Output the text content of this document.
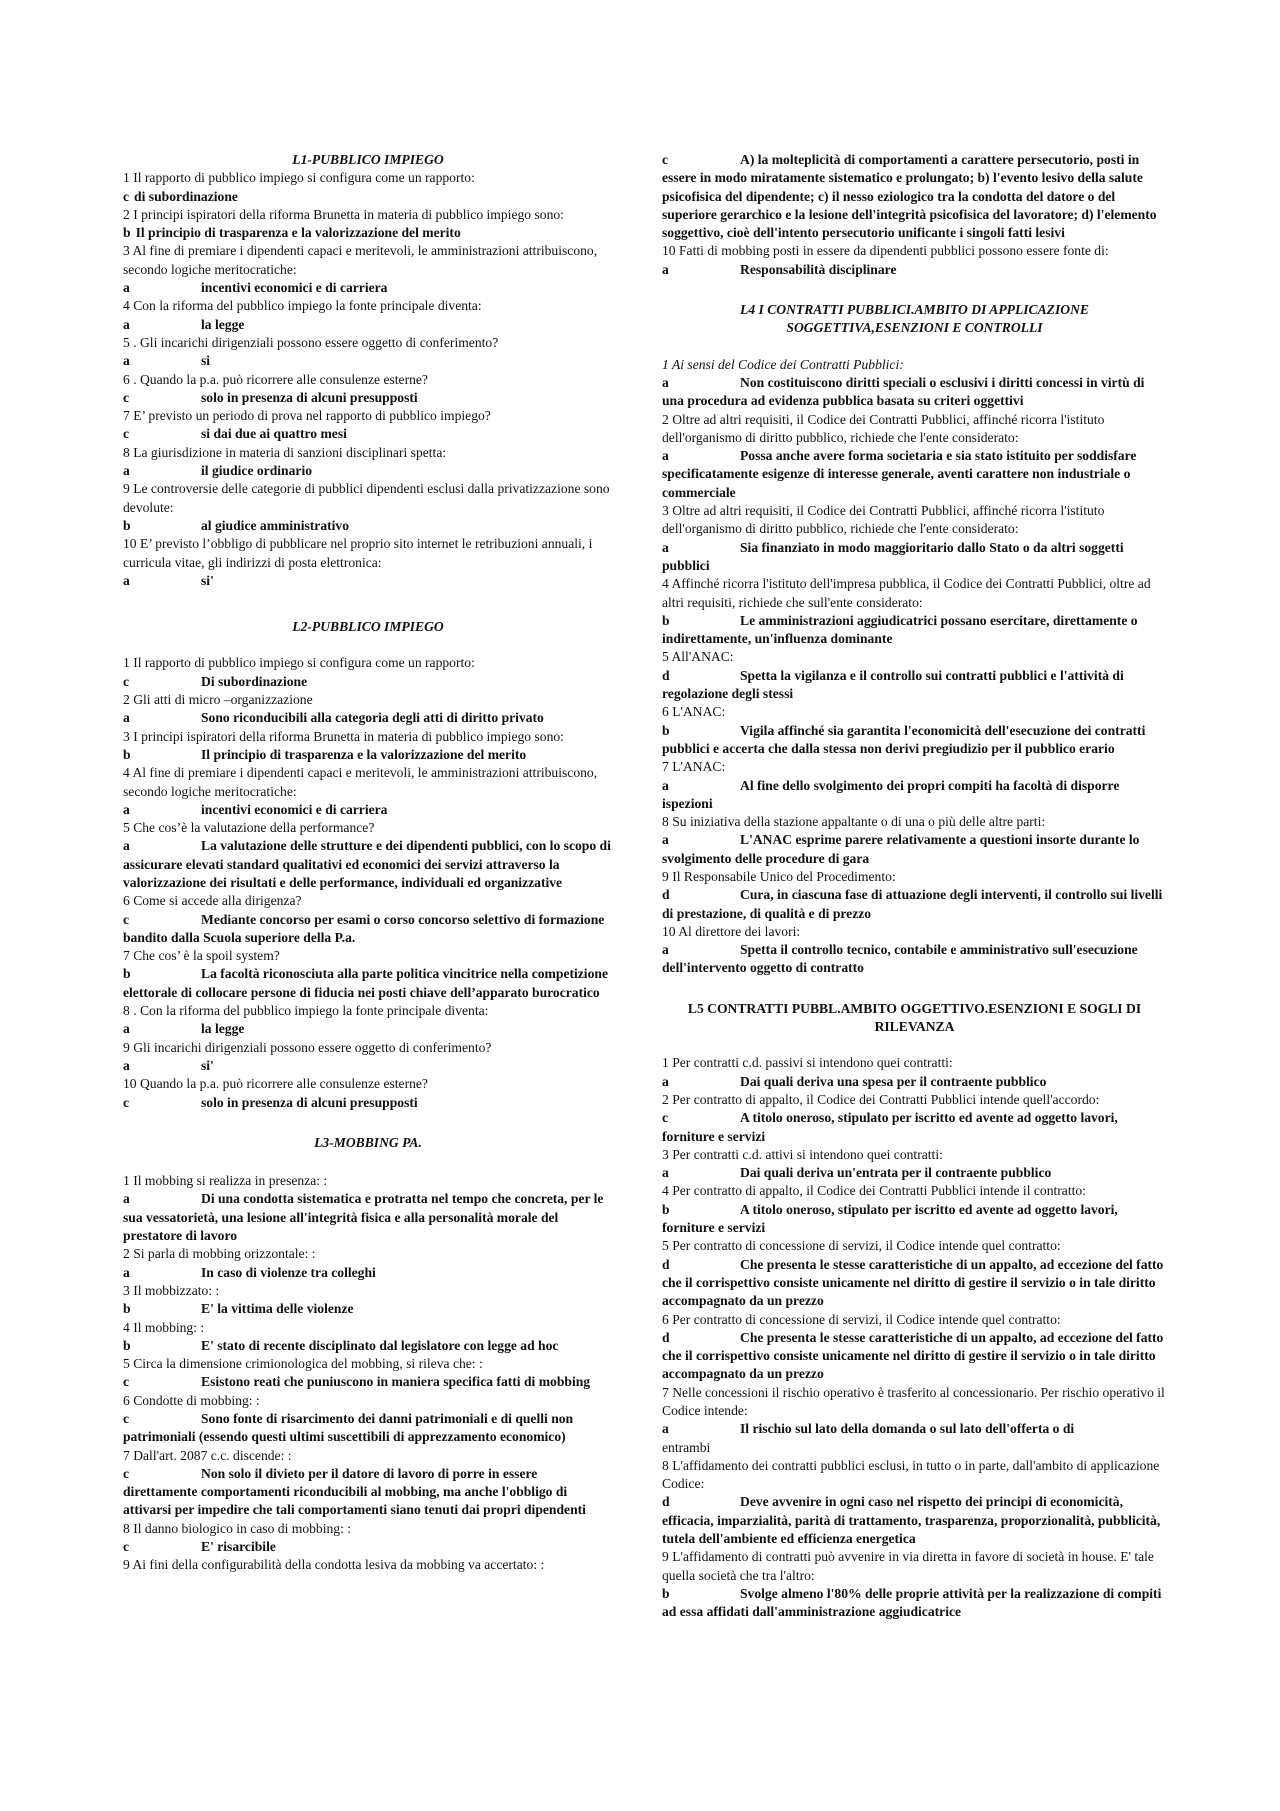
L1-PUBBLICO IMPIEGO
1 Il rapporto di pubblico impiego si configura come un rapporto:
c di subordinazione
2 I principi ispiratori della riforma Brunetta in materia di pubblico impiego sono:
b Il principio di trasparenza e la valorizzazione del merito
3 Al fine di premiare i dipendenti capaci e meritevoli, le amministrazioni attribuiscono, secondo logiche meritocratiche:
a	incentivi economici e di carriera
4 Con la riforma del pubblico impiego la fonte principale diventa:
a	la legge
5 . Gli incarichi dirigenziali possono essere oggetto di conferimento?
a	si
6 . Quando la p.a. può ricorrere alle consulenze esterne?
c	solo in presenza di alcuni presupposti
7 E’ previsto un periodo di prova nel rapporto di pubblico impiego?
c	si dai due ai quattro mesi
8 La giurisdizione in materia di sanzioni disciplinari spetta:
a	il giudice ordinario
9 Le controversie delle categorie di pubblici dipendenti esclusi dalla privatizzazione sono devolute:
b	al giudice amministrativo
10 E’ previsto l’obbligo di pubblicare nel proprio sito internet le retribuzioni annuali, i curricula vitae, gli indirizzi di posta elettronica:
a	si'
L2-PUBBLICO IMPIEGO
1 Il rapporto di pubblico impiego si configura come un rapporto:
c	Di subordinazione
2 Gli atti di micro –organizzazione
a	Sono riconducibili alla categoria degli atti di diritto privato
3 I principi ispiratori della riforma Brunetta in materia di pubblico impiego sono:
b	Il principio di trasparenza e la valorizzazione del merito
4 Al fine di premiare i dipendenti capaci e meritevoli, le amministrazioni attribuiscono, secondo logiche meritocratiche:
a	incentivi economici e di carriera
5 Che cos’è la valutazione della performance?
a	La valutazione delle strutture e dei dipendenti pubblici, con lo scopo di assicurare elevati standard qualitativi ed economici dei servizi attraverso la valorizzazione dei risultati e delle performance, individuali ed organizzative
6 Come si accede alla dirigenza?
c	Mediante concorso per esami o corso concorso selettivo di formazione bandito dalla Scuola superiore della P.a.
7 Che cos’ è la spoil system?
b	La facoltà riconosciuta alla parte politica vincitrice nella competizione elettorale di collocare persone di fiducia nei posti chiave dell’apparato burocratico
8 . Con la riforma del pubblico impiego la fonte principale diventa:
a	la legge
9 Gli incarichi dirigenziali possono essere oggetto di conferimento?
a	si'
10 Quando la p.a. può ricorrere alle consulenze esterne?
c	solo in presenza di alcuni presupposti
L3-MOBBING PA.
1 Il mobbing si realizza in presenza: :
a	Di una condotta sistematica e protratta nel tempo che concreta, per le sua vessatorietà, una lesione all'integrità fisica e alla personalità morale del prestatore di lavoro
2 Si parla di mobbing orizzontale: :
a	In caso di violenze tra colleghi
3 Il mobbizzato: :
b	E' la vittima delle violenze
4 Il mobbing: :
b	E' stato di recente disciplinato dal legislatore con legge ad hoc
5 Circa la dimensione crimionologica del mobbing, si rileva che: :
c	Esistono reati che puniuscono in maniera specifica fatti di mobbing
6 Condotte di mobbing: :
c	Sono fonte di risarcimento dei danni patrimoniali e di quelli non patrimoniali (essendo questi ultimi suscettibili di apprezzamento economico)
7 Dall'art. 2087 c.c. discende: :
c	Non solo il divieto per il datore di lavoro di porre in essere direttamente comportamenti riconducibili al mobbing, ma anche l'obbligo di attivarsi per impedire che tali comportamenti siano tenuti dai propri dipendenti
8 Il danno biologico in caso di mobbing: :
c	E' risarcibile
9 Ai fini della configurabilità della condotta lesiva da mobbing va accertato: :
c	A) la molteplicità di comportamenti a carattere persecutorio, posti in essere in modo miratamente sistematico e prolungato; b) l'evento lesivo della salute psicofisica del dipendente; c) il nesso eziologico tra la condotta del datore o del superiore gerarchico e la lesione dell'integrità psicofisica del lavoratore; d) l'elemento soggettivo, cioè dell'intento persecutorio unificante i singoli fatti lesivi
10 Fatti di mobbing posti in essere da dipendenti pubblici possono essere fonte di:
a	Responsabilità disciplinare
L4 I CONTRATTI PUBBLICI.AMBITO DI APPLICAZIONE SOGGETTIVA,ESENZIONI E CONTROLLI
1 Ai sensi del Codice dei Contratti Pubblici:
a	Non costituiscono diritti speciali o esclusivi i diritti concessi in virtù di una procedura ad evidenza pubblica basata su criteri oggettivi
2 Oltre ad altri requisiti, il Codice dei Contratti Pubblici, affinché ricorra l'istituto dell'organismo di diritto pubblico, richiede che l'ente considerato:
a	Possa anche avere forma societaria e sia stato istituito per soddisfare specificatamente esigenze di interesse generale, aventi carattere non industriale o commerciale
3 Oltre ad altri requisiti, il Codice dei Contratti Pubblici, affinché ricorra l'istituto dell'organismo di diritto pubblico, richiede che l'ente considerato:
a	Sia finanziato in modo maggioritario dallo Stato o da altri soggetti pubblici
4 Affinché ricorra l'istituto dell'impresa pubblica, il Codice dei Contratti Pubblici, oltre ad altri requisiti, richiede che sull'ente considerato:
b	Le amministrazioni aggiudicatrici possano esercitare, direttamente o indirettamente, un'influenza dominante
5 All'ANAC:
d	Spetta la vigilanza e il controllo sui contratti pubblici e l'attività di regolazione degli stessi
6 L'ANAC:
b	Vigila affinché sia garantita l'economicità dell'esecuzione dei contratti pubblici e accerta che dalla stessa non derivi pregiudizio per il pubblico erario
7 L'ANAC:
a	Al fine dello svolgimento dei propri compiti ha facoltà di disporre ispezioni
8 Su iniziativa della stazione appaltante o di una o più delle altre parti:
a	L'ANAC esprime parere relativamente a questioni insorte durante lo svolgimento delle procedure di gara
9 Il Responsabile Unico del Procedimento:
d	Cura, in ciascuna fase di attuazione degli interventi, il controllo sui livelli di prestazione, di qualità e di prezzo
10 Al direttore dei lavori:
a	Spetta il controllo tecnico, contabile e amministrativo sull'esecuzione dell'intervento oggetto di contratto
L5 CONTRATTI PUBBL.AMBITO OGGETTIVO.ESENZIONI E SOGLI DI RILEVANZA
1 Per contratti c.d. passivi si intendono quei contratti:
a	Dai quali deriva una spesa per il contraente pubblico
2 Per contratto di appalto, il Codice dei Contratti Pubblici intende quell'accordo:
c	A titolo oneroso, stipulato per iscritto ed avente ad oggetto lavori, forniture e servizi
3 Per contratti c.d. attivi si intendono quei contratti:
a	Dai quali deriva un'entrata per il contraente pubblico
4 Per contratto di appalto, il Codice dei Contratti Pubblici intende il contratto:
b	A titolo oneroso, stipulato per iscritto ed avente ad oggetto lavori, forniture e servizi
5 Per contratto di concessione di servizi, il Codice intende quel contratto:
d	Che presenta le stesse caratteristiche di un appalto, ad eccezione del fatto che il corrispettivo consiste unicamente nel diritto di gestire il servizio o in tale diritto accompagnato da un prezzo
6 Per contratto di concessione di servizi, il Codice intende quel contratto:
d	Che presenta le stesse caratteristiche di un appalto, ad eccezione del fatto che il corrispettivo consiste unicamente nel diritto di gestire il servizio o in tale diritto accompagnato da un prezzo
7 Nelle concessioni il rischio operativo è trasferito al concessionario. Per rischio operativo il Codice intende:
a	Il rischio sul lato della domanda o sul lato dell'offerta o di
entrambi
8 L'affidamento dei contratti pubblici esclusi, in tutto o in parte, dall'ambito di applicazione Codice:
d	Deve avvenire in ogni caso nel rispetto dei principi di economicità, efficacia, imparzialità, parità di trattamento, trasparenza, proporzionalità, pubblicità, tutela dell'ambiente ed efficienza energetica
9 L'affidamento di contratti può avvenire in via diretta in favore di società in house. E' tale quella società che tra l'altro:
b	Svolge almeno l'80% delle proprie attività per la realizzazione di compiti ad essa affidati dall'amministrazione aggiudicatrice
